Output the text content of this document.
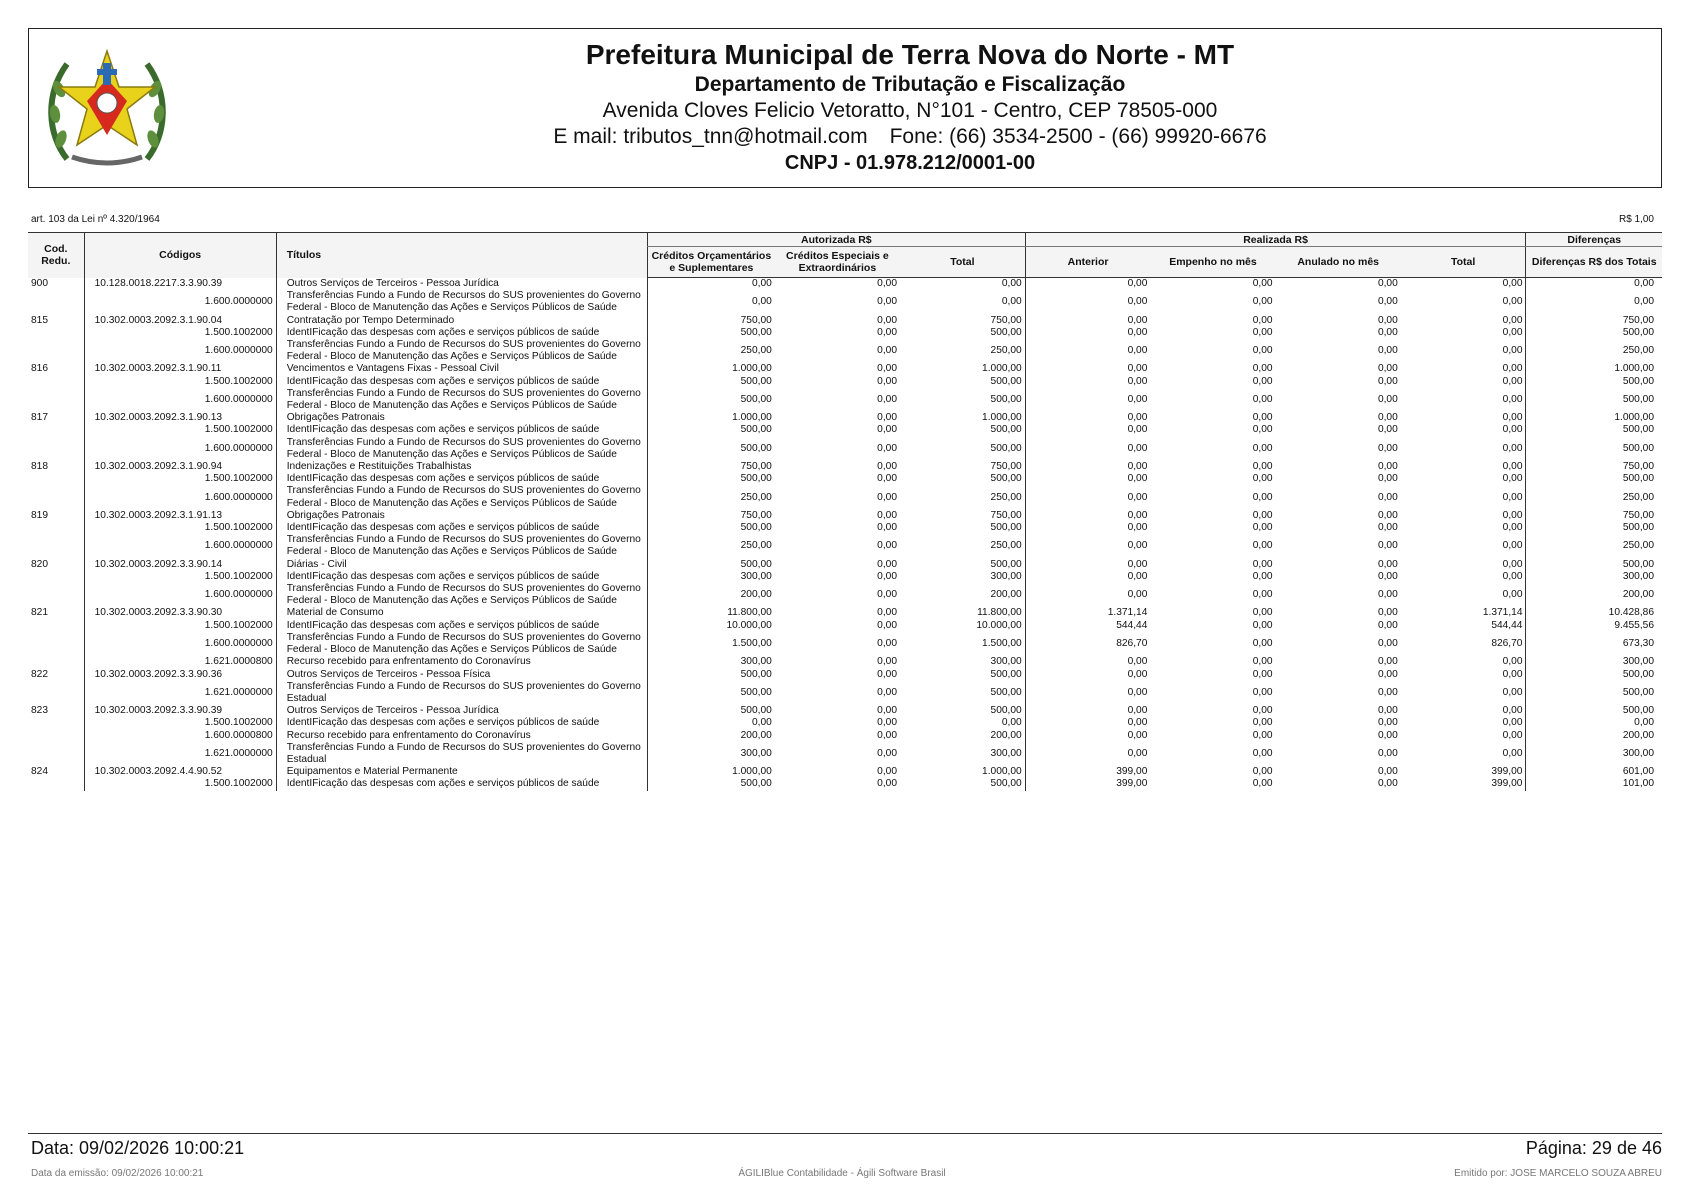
Prefeitura Municipal de Terra Nova do Norte - MT
Departamento de Tributação e Fiscalização
Avenida Cloves Felicio Vetoratto, N°101 - Centro, CEP 78505-000
E mail: tributos_tnn@hotmail.com Fone: (66) 3534-2500 - (66) 99920-6676
CNPJ - 01.978.212/0001-00
art. 103 da Lei nº 4.320/1964	R$ 1,00
Cod. Redu.	Códigos	Títulos	Autorizada R$			Realizada R$				Diferenças
			Créditos Orçamentários e Suplementares	Créditos Especiais e Extraordinários	Total	Anterior	Empenho no mês	Anulado no mês	Total	Diferenças R$ dos Totais
900	10.128.0018.2217.3.3.90.39	Outros Serviços de Terceiros - Pessoa Jurídica	0,00	0,00	0,00	0,00	0,00	0,00	0,00	0,00
	1.600.0000000	Transferências Fundo a Fundo de Recursos do SUS provenientes do Governo Federal - Bloco de Manutenção das Ações e Serviços Públicos de Saúde	0,00	0,00	0,00	0,00	0,00	0,00	0,00	0,00
815	10.302.0003.2092.3.1.90.04	Contratação por Tempo Determinado	750,00	0,00	750,00	0,00	0,00	0,00	0,00	750,00
	1.500.1002000	IdentIFicação das despesas com ações e serviços públicos de saúde	500,00	0,00	500,00	0,00	0,00	0,00	0,00	500,00
	1.600.0000000	Transferências Fundo a Fundo de Recursos do SUS provenientes do Governo Federal - Bloco de Manutenção das Ações e Serviços Públicos de Saúde	250,00	0,00	250,00	0,00	0,00	0,00	0,00	250,00
816	10.302.0003.2092.3.1.90.11	Vencimentos e Vantagens Fixas - Pessoal Civil	1.000,00	0,00	1.000,00	0,00	0,00	0,00	0,00	1.000,00
	1.500.1002000	IdentIFicação das despesas com ações e serviços públicos de saúde	500,00	0,00	500,00	0,00	0,00	0,00	0,00	500,00
	1.600.0000000	Transferências Fundo a Fundo de Recursos do SUS provenientes do Governo Federal - Bloco de Manutenção das Ações e Serviços Públicos de Saúde	500,00	0,00	500,00	0,00	0,00	0,00	0,00	500,00
817	10.302.0003.2092.3.1.90.13	Obrigações Patronais	1.000,00	0,00	1.000,00	0,00	0,00	0,00	0,00	1.000,00
	1.500.1002000	IdentIFicação das despesas com ações e serviços públicos de saúde	500,00	0,00	500,00	0,00	0,00	0,00	0,00	500,00
	1.600.0000000	Transferências Fundo a Fundo de Recursos do SUS provenientes do Governo Federal - Bloco de Manutenção das Ações e Serviços Públicos de Saúde	500,00	0,00	500,00	0,00	0,00	0,00	0,00	500,00
818	10.302.0003.2092.3.1.90.94	Indenizações e Restituições Trabalhistas	750,00	0,00	750,00	0,00	0,00	0,00	0,00	750,00
	1.500.1002000	IdentIFicação das despesas com ações e serviços públicos de saúde	500,00	0,00	500,00	0,00	0,00	0,00	0,00	500,00
	1.600.0000000	Transferências Fundo a Fundo de Recursos do SUS provenientes do Governo Federal - Bloco de Manutenção das Ações e Serviços Públicos de Saúde	250,00	0,00	250,00	0,00	0,00	0,00	0,00	250,00
819	10.302.0003.2092.3.1.91.13	Obrigações Patronais	750,00	0,00	750,00	0,00	0,00	0,00	0,00	750,00
	1.500.1002000	IdentIFicação das despesas com ações e serviços públicos de saúde	500,00	0,00	500,00	0,00	0,00	0,00	0,00	500,00
	1.600.0000000	Transferências Fundo a Fundo de Recursos do SUS provenientes do Governo Federal - Bloco de Manutenção das Ações e Serviços Públicos de Saúde	250,00	0,00	250,00	0,00	0,00	0,00	0,00	250,00
820	10.302.0003.2092.3.3.90.14	Diárias - Civil	500,00	0,00	500,00	0,00	0,00	0,00	0,00	500,00
	1.500.1002000	IdentIFicação das despesas com ações e serviços públicos de saúde	300,00	0,00	300,00	0,00	0,00	0,00	0,00	300,00
	1.600.0000000	Transferências Fundo a Fundo de Recursos do SUS provenientes do Governo Federal - Bloco de Manutenção das Ações e Serviços Públicos de Saúde	200,00	0,00	200,00	0,00	0,00	0,00	0,00	200,00
821	10.302.0003.2092.3.3.90.30	Material de Consumo	11.800,00	0,00	11.800,00	1.371,14	0,00	0,00	1.371,14	10.428,86
	1.500.1002000	IdentIFicação das despesas com ações e serviços públicos de saúde	10.000,00	0,00	10.000,00	544,44	0,00	0,00	544,44	9.455,56
	1.600.0000000	Transferências Fundo a Fundo de Recursos do SUS provenientes do Governo Federal - Bloco de Manutenção das Ações e Serviços Públicos de Saúde	1.500,00	0,00	1.500,00	826,70	0,00	0,00	826,70	673,30
	1.621.0000800	Recurso recebido para enfrentamento do Coronavírus	300,00	0,00	300,00	0,00	0,00	0,00	0,00	300,00
822	10.302.0003.2092.3.3.90.36	Outros Serviços de Terceiros - Pessoa Física	500,00	0,00	500,00	0,00	0,00	0,00	0,00	500,00
	1.621.0000000	Transferências Fundo a Fundo de Recursos do SUS provenientes do Governo Estadual	500,00	0,00	500,00	0,00	0,00	0,00	0,00	500,00
823	10.302.0003.2092.3.3.90.39	Outros Serviços de Terceiros - Pessoa Jurídica	500,00	0,00	500,00	0,00	0,00	0,00	0,00	500,00
	1.500.1002000	IdentIFicação das despesas com ações e serviços públicos de saúde	0,00	0,00	0,00	0,00	0,00	0,00	0,00	0,00
	1.600.0000800	Recurso recebido para enfrentamento do Coronavírus	200,00	0,00	200,00	0,00	0,00	0,00	0,00	200,00
	1.621.0000000	Transferências Fundo a Fundo de Recursos do SUS provenientes do Governo Estadual	300,00	0,00	300,00	0,00	0,00	0,00	0,00	300,00
824	10.302.0003.2092.4.4.90.52	Equipamentos e Material Permanente	1.000,00	0,00	1.000,00	399,00	0,00	0,00	399,00	601,00
	1.500.1002000	IdentIFicação das despesas com ações e serviços públicos de saúde	500,00	0,00	500,00	399,00	0,00	0,00	399,00	101,00
Data: 09/02/2026 10:00:21	Página: 29 de 46
Data da emissão: 09/02/2026 10:00:21	ÁGILIBlue Contabilidade - Ágili Software Brasil	Emitido por: JOSE MARCELO SOUZA ABREU
